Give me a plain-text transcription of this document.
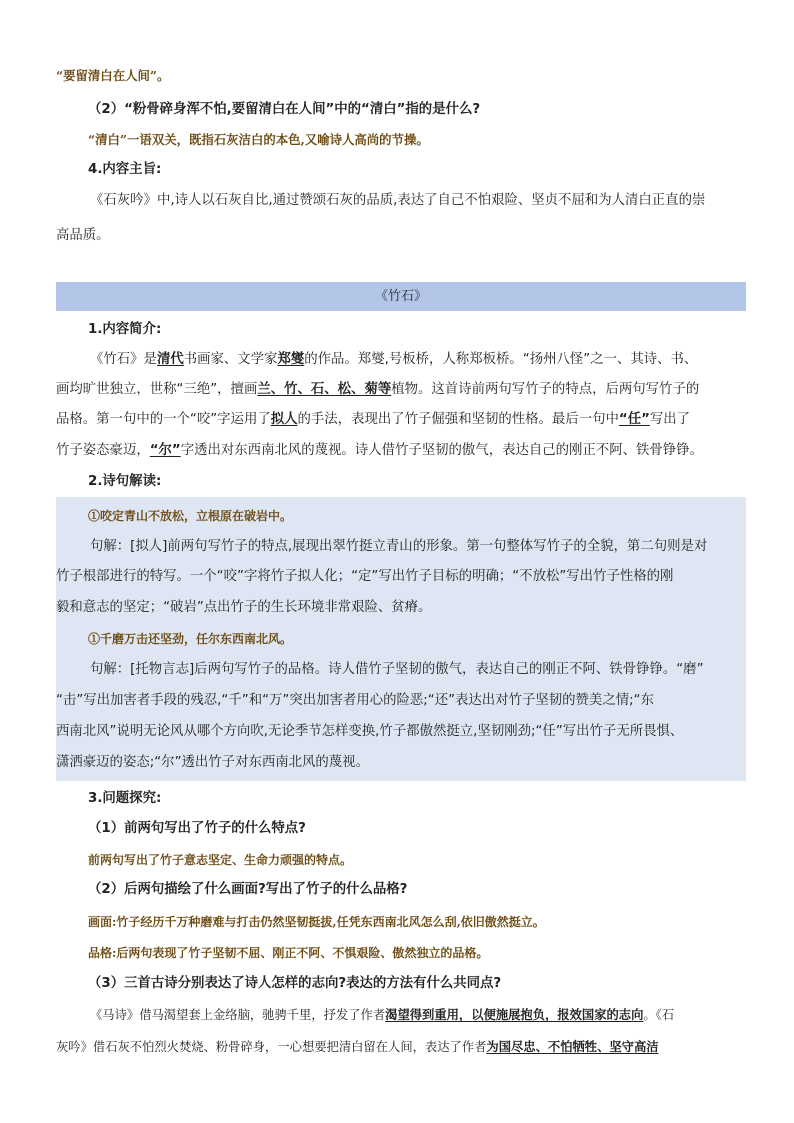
“要留清白在人间”。
（2）“粉骨碎身浑不怕,要留清白在人间”中的“清白”指的是什么?
“清白”一语双关，既指石灰洁白的本色,又喻诗人高尚的节操。
4.内容主旨:
《石灰吟》中,诗人以石灰自比,通过赞颂石灰的品质,表达了自己不怕艰险、坚贞不屈和为人清白正直的崇
高品质。
《竹石》
1.内容简介:
《竹石》是清代书画家、文学家郑燮的作品。郑燮,号板桥，人称郑板桥。“扬州八怪”之一、其诗、书、
画均旷世独立，世称“三绝”，擅画兰、竹、石、松、菊等植物。这首诗前两句写竹子的特点，后两句写竹子的
品格。第一句中的一个“咬”字运用了拟人的手法，表现出了竹子倔强和坚韧的性格。最后一句中“任”写出了
竹子姿态豪迈，“尔”字透出对东西南北风的蔑视。诗人借竹子坚韧的傲气，表达自己的刚正不阿、铁骨铮铮。
2.诗句解读:
①咬定青山不放松，立根原在破岩中。
句解：[拟人]前两句写竹子的特点,展现出翠竹挺立青山的形象。第一句整体写竹子的全貌，第二句则是对
竹子根部进行的特写。一个“咬”字将竹子拟人化；“定”写出竹子目标的明确；“不放松”写出竹子性格的刚
毅和意志的坚定；“破岩”点出竹子的生长环境非常艰险、贫瘠。
①千磨万击还坚劲，任尔东西南北风。
句解：[托物言志]后两句写竹子的品格。诗人借竹子坚韧的傲气，表达自己的刚正不阿、铁骨铮铮。“磨”
“击”写出加害者手段的残忍,“千”和“万”突出加害者用心的险恶;“还”表达出对竹子坚韧的赞美之情;“东
西南北风”说明无论风从哪个方向吹,无论季节怎样变换,竹子都傲然挺立,坚韧刚劲;“任”写出竹子无所畏惧、
潇洒豪迈的姿态;“尔”透出竹子对东西南北风的蔑视。
3.问题探究:
（1）前两句写出了竹子的什么特点?
前两句写出了竹子意志坚定、生命力顽强的特点。
（2）后两句描绘了什么画面?写出了竹子的什么品格?
画面:竹子经历千万种磨难与打击仍然坚韧挺拔,任凭东西南北风怎么刮,依旧傲然挺立。
品格:后两句表现了竹子坚韧不屈、刚正不阿、不惧艰险、傲然独立的品格。
（3）三首古诗分别表达了诗人怎样的志向?表达的方法有什么共同点?
《马诗》借马渴望套上金络脑，驰骋千里，抒发了作者渴望得到重用，以便施展抱负，报效国家的志向。《石
灰吟》借石灰不怕烈火焚烧、粉骨碎身，一心想要把清白留在人间，表达了作者为国尽忠、不怕牺牲、坚守高洁
